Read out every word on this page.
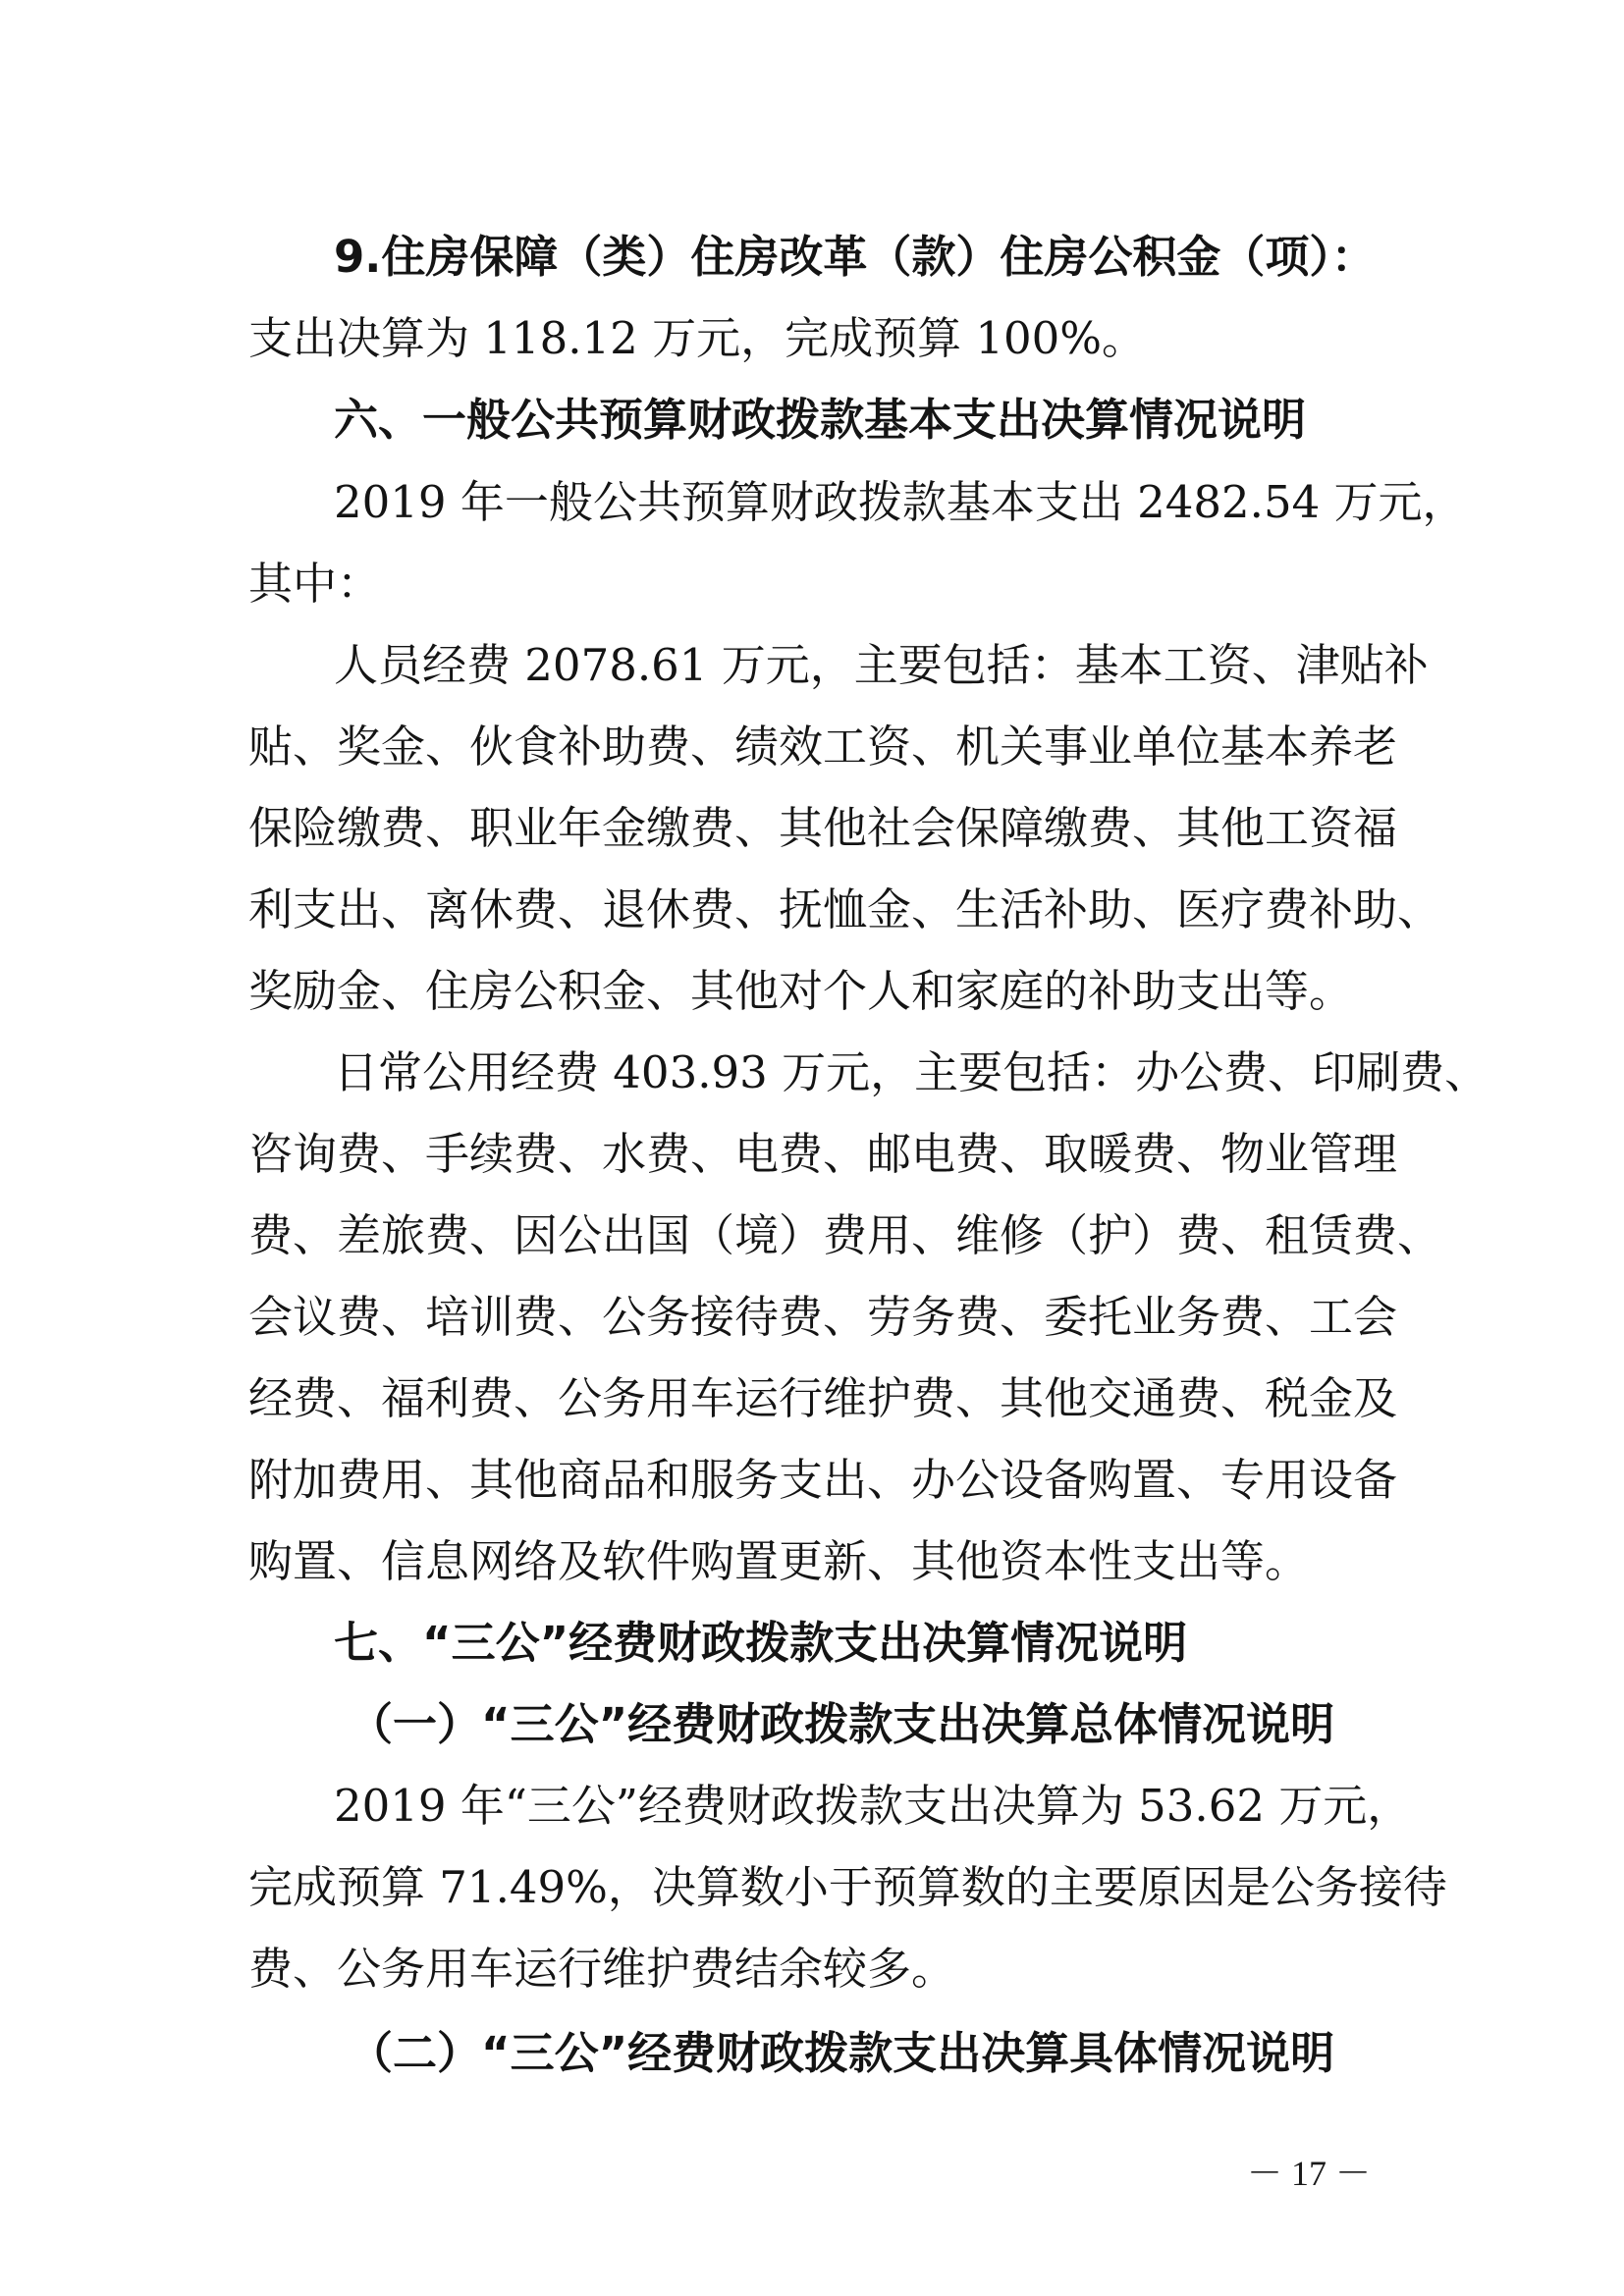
9.住房保障（类）住房改革（款）住房公积金（项）：
支出决算为 118.12 万元，完成预算 100%。
六、一般公共预算财政拨款基本支出决算情况说明
2019 年一般公共预算财政拨款基本支出 2482.54 万元，
其中：
人员经费 2078.61 万元，主要包括：基本工资、津贴补
贴、奖金、伙食补助费、绩效工资、机关事业单位基本养老
保险缴费、职业年金缴费、其他社会保障缴费、其他工资福
利支出、离休费、退休费、抚恤金、生活补助、医疗费补助、
奖励金、住房公积金、其他对个人和家庭的补助支出等。
日常公用经费 403.93 万元，主要包括：办公费、印刷费、
咨询费、手续费、水费、电费、邮电费、取暖费、物业管理
费、差旅费、因公出国（境）费用、维修（护）费、租赁费、
会议费、培训费、公务接待费、劳务费、委托业务费、工会
经费、福利费、公务用车运行维护费、其他交通费、税金及
附加费用、其他商品和服务支出、办公设备购置、专用设备
购置、信息网络及软件购置更新、其他资本性支出等。
七、“三公”经费财政拨款支出决算情况说明
（一）“三公”经费财政拨款支出决算总体情况说明
2019 年“三公”经费财政拨款支出决算为 53.62 万元，
完成预算 71.49%，决算数小于预算数的主要原因是公务接待
费、公务用车运行维护费结余较多。
（二）“三公”经费财政拨款支出决算具体情况说明
－ 17 －
